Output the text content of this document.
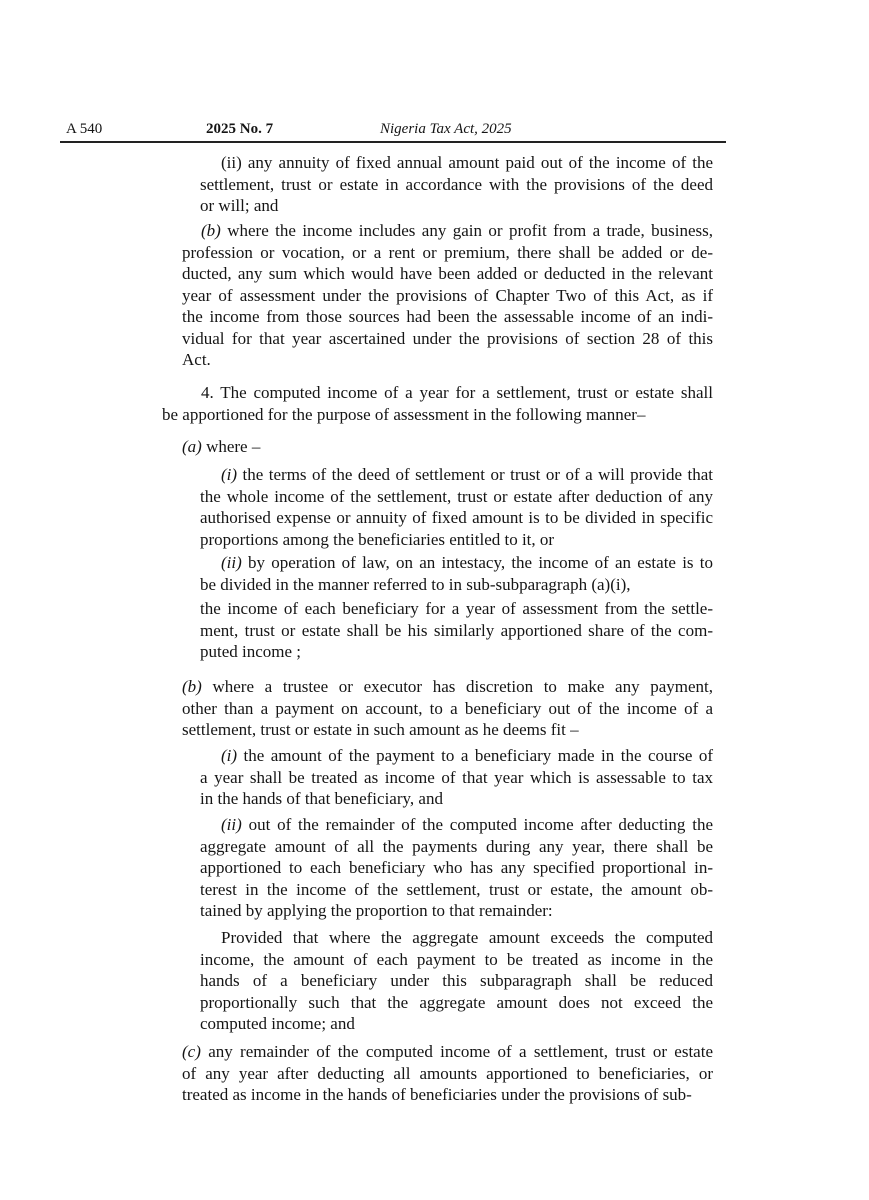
A 540	2025 No. 7	Nigeria Tax Act, 2025
(ii) any annuity of fixed annual amount paid out of the income of the
settlement, trust or estate in accordance with the provisions of the deed
or will; and
(b) where the income includes any gain or profit from a trade, business,
profession or vocation, or a rent or premium, there shall be added or de-
ducted, any sum which would have been added or deducted in the relevant
year of assessment under the provisions of Chapter Two of this Act, as if
the income from those sources had been the assessable income of an indi-
vidual for that year ascertained under the provisions of section 28 of this
Act.
4. The computed income of a year for a settlement, trust or estate shall
be apportioned for the purpose of assessment in the following manner–
(a) where –
(i) the terms of the deed of settlement or trust or of a will provide that
the whole income of the settlement, trust or estate after deduction of any
authorised expense or annuity of fixed amount is to be divided in specific
proportions among the beneficiaries entitled to it, or
(ii) by operation of law, on an intestacy, the income of an estate is to
be divided in the manner referred to in sub-subparagraph (a)(i),
the income of each beneficiary for a year of assessment from the settle-
ment, trust or estate shall be his similarly apportioned share of the com-
puted income ;
(b) where a trustee or executor has discretion to make any payment,
other than a payment on account, to a beneficiary out of the income of a
settlement, trust or estate in such amount as he deems fit –
(i) the amount of the payment to a beneficiary made in the course of
a year shall be treated as income of that year which is assessable to tax
in the hands of that beneficiary, and
(ii) out of the remainder of the computed income after deducting the
aggregate amount of all the payments during any year, there shall be
apportioned to each beneficiary who has any specified proportional in-
terest in the income of the settlement, trust or estate, the amount ob-
tained by applying the proportion to that remainder:
Provided that where the aggregate amount exceeds the computed
income, the amount of each payment to be treated as income in the
hands of a beneficiary under this subparagraph shall be reduced
proportionally such that the aggregate amount does not exceed the
computed income; and
(c) any remainder of the computed income of a settlement, trust or estate
of any year after deducting all amounts apportioned to beneficiaries, or
treated as income in the hands of beneficiaries under the provisions of sub-
